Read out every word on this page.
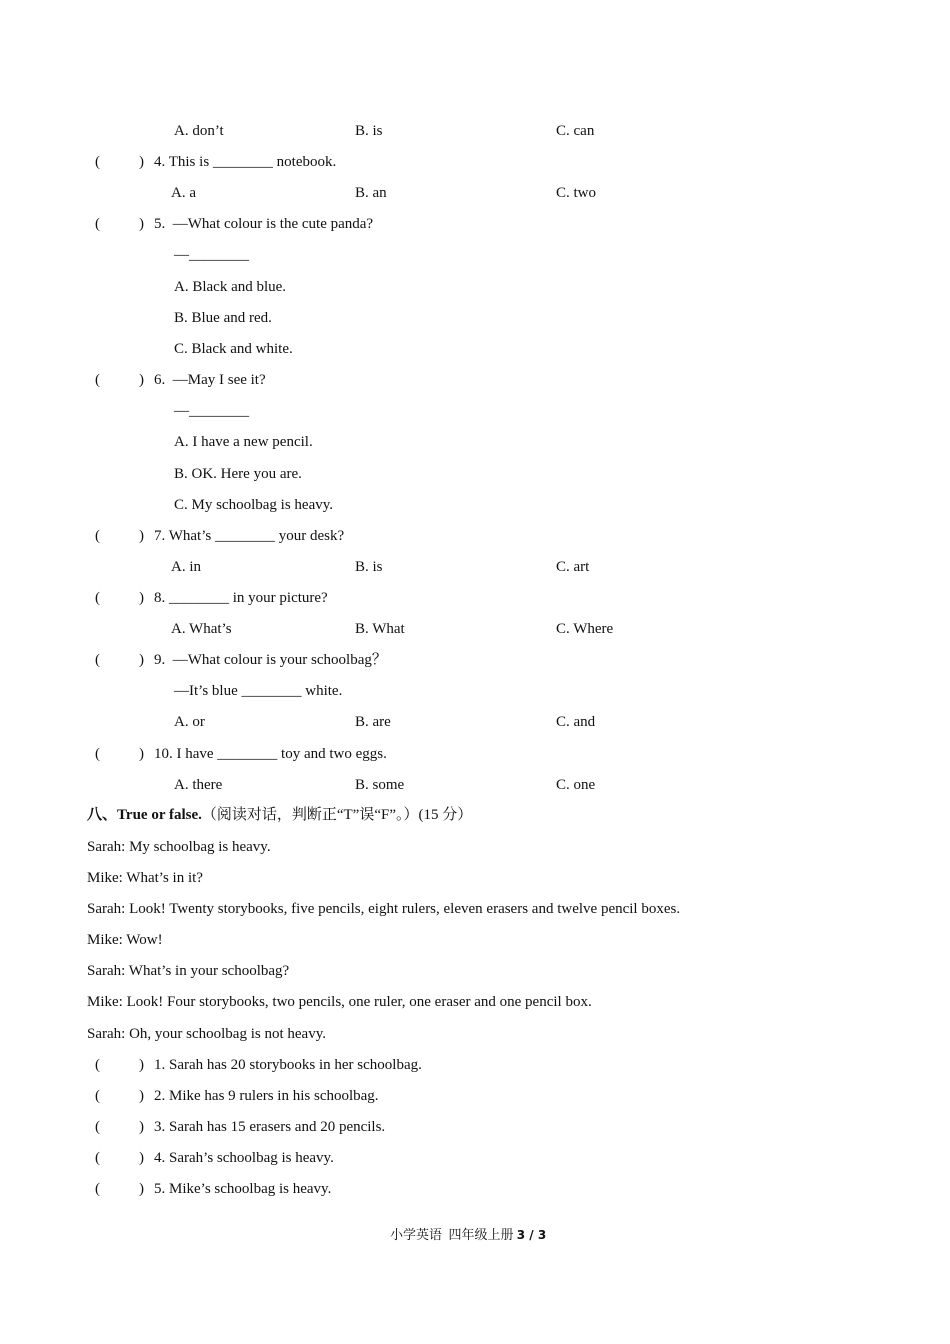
A. don’t	B. is	C. can
(	) 4. This is ________ notebook.
A. a	B. an	C. two
(	) 5.  —What colour is the cute panda?
—________
A. Black and blue.
B. Blue and red.
C. Black and white.
(	) 6.  —May I see it?
—________
A. I have a new pencil.
B. OK. Here you are.
C. My schoolbag is heavy.
(	) 7. What’s ________ your desk?
A. in	B. is	C. art
(	) 8. ________ in your picture?
A. What’s	B. What	C. Where
(	) 9.  —What colour is your schoolbag？
—It’s blue ________ white.
A. or	B. are	C. and
(	) 10. I have ________ toy and two eggs.
A. there	B. some	C. one
八、True or false.（阅读对话，判断正“T”误“F”。）(15 分）
Sarah: My schoolbag is heavy.
Mike: What’s in it?
Sarah: Look! Twenty storybooks, five pencils, eight rulers, eleven erasers and twelve pencil boxes.
Mike: Wow!
Sarah: What’s in your schoolbag?
Mike: Look! Four storybooks, two pencils, one ruler, one eraser and one pencil box.
Sarah: Oh, your schoolbag is not heavy.
(	) 1. Sarah has 20 storybooks in her schoolbag.
(	) 2. Mike has 9 rulers in his schoolbag.
(	) 3. Sarah has 15 erasers and 20 pencils.
(	) 4. Sarah’s schoolbag is heavy.
(	) 5. Mike’s schoolbag is heavy.
小学英语  四年级上册 3 / 3
